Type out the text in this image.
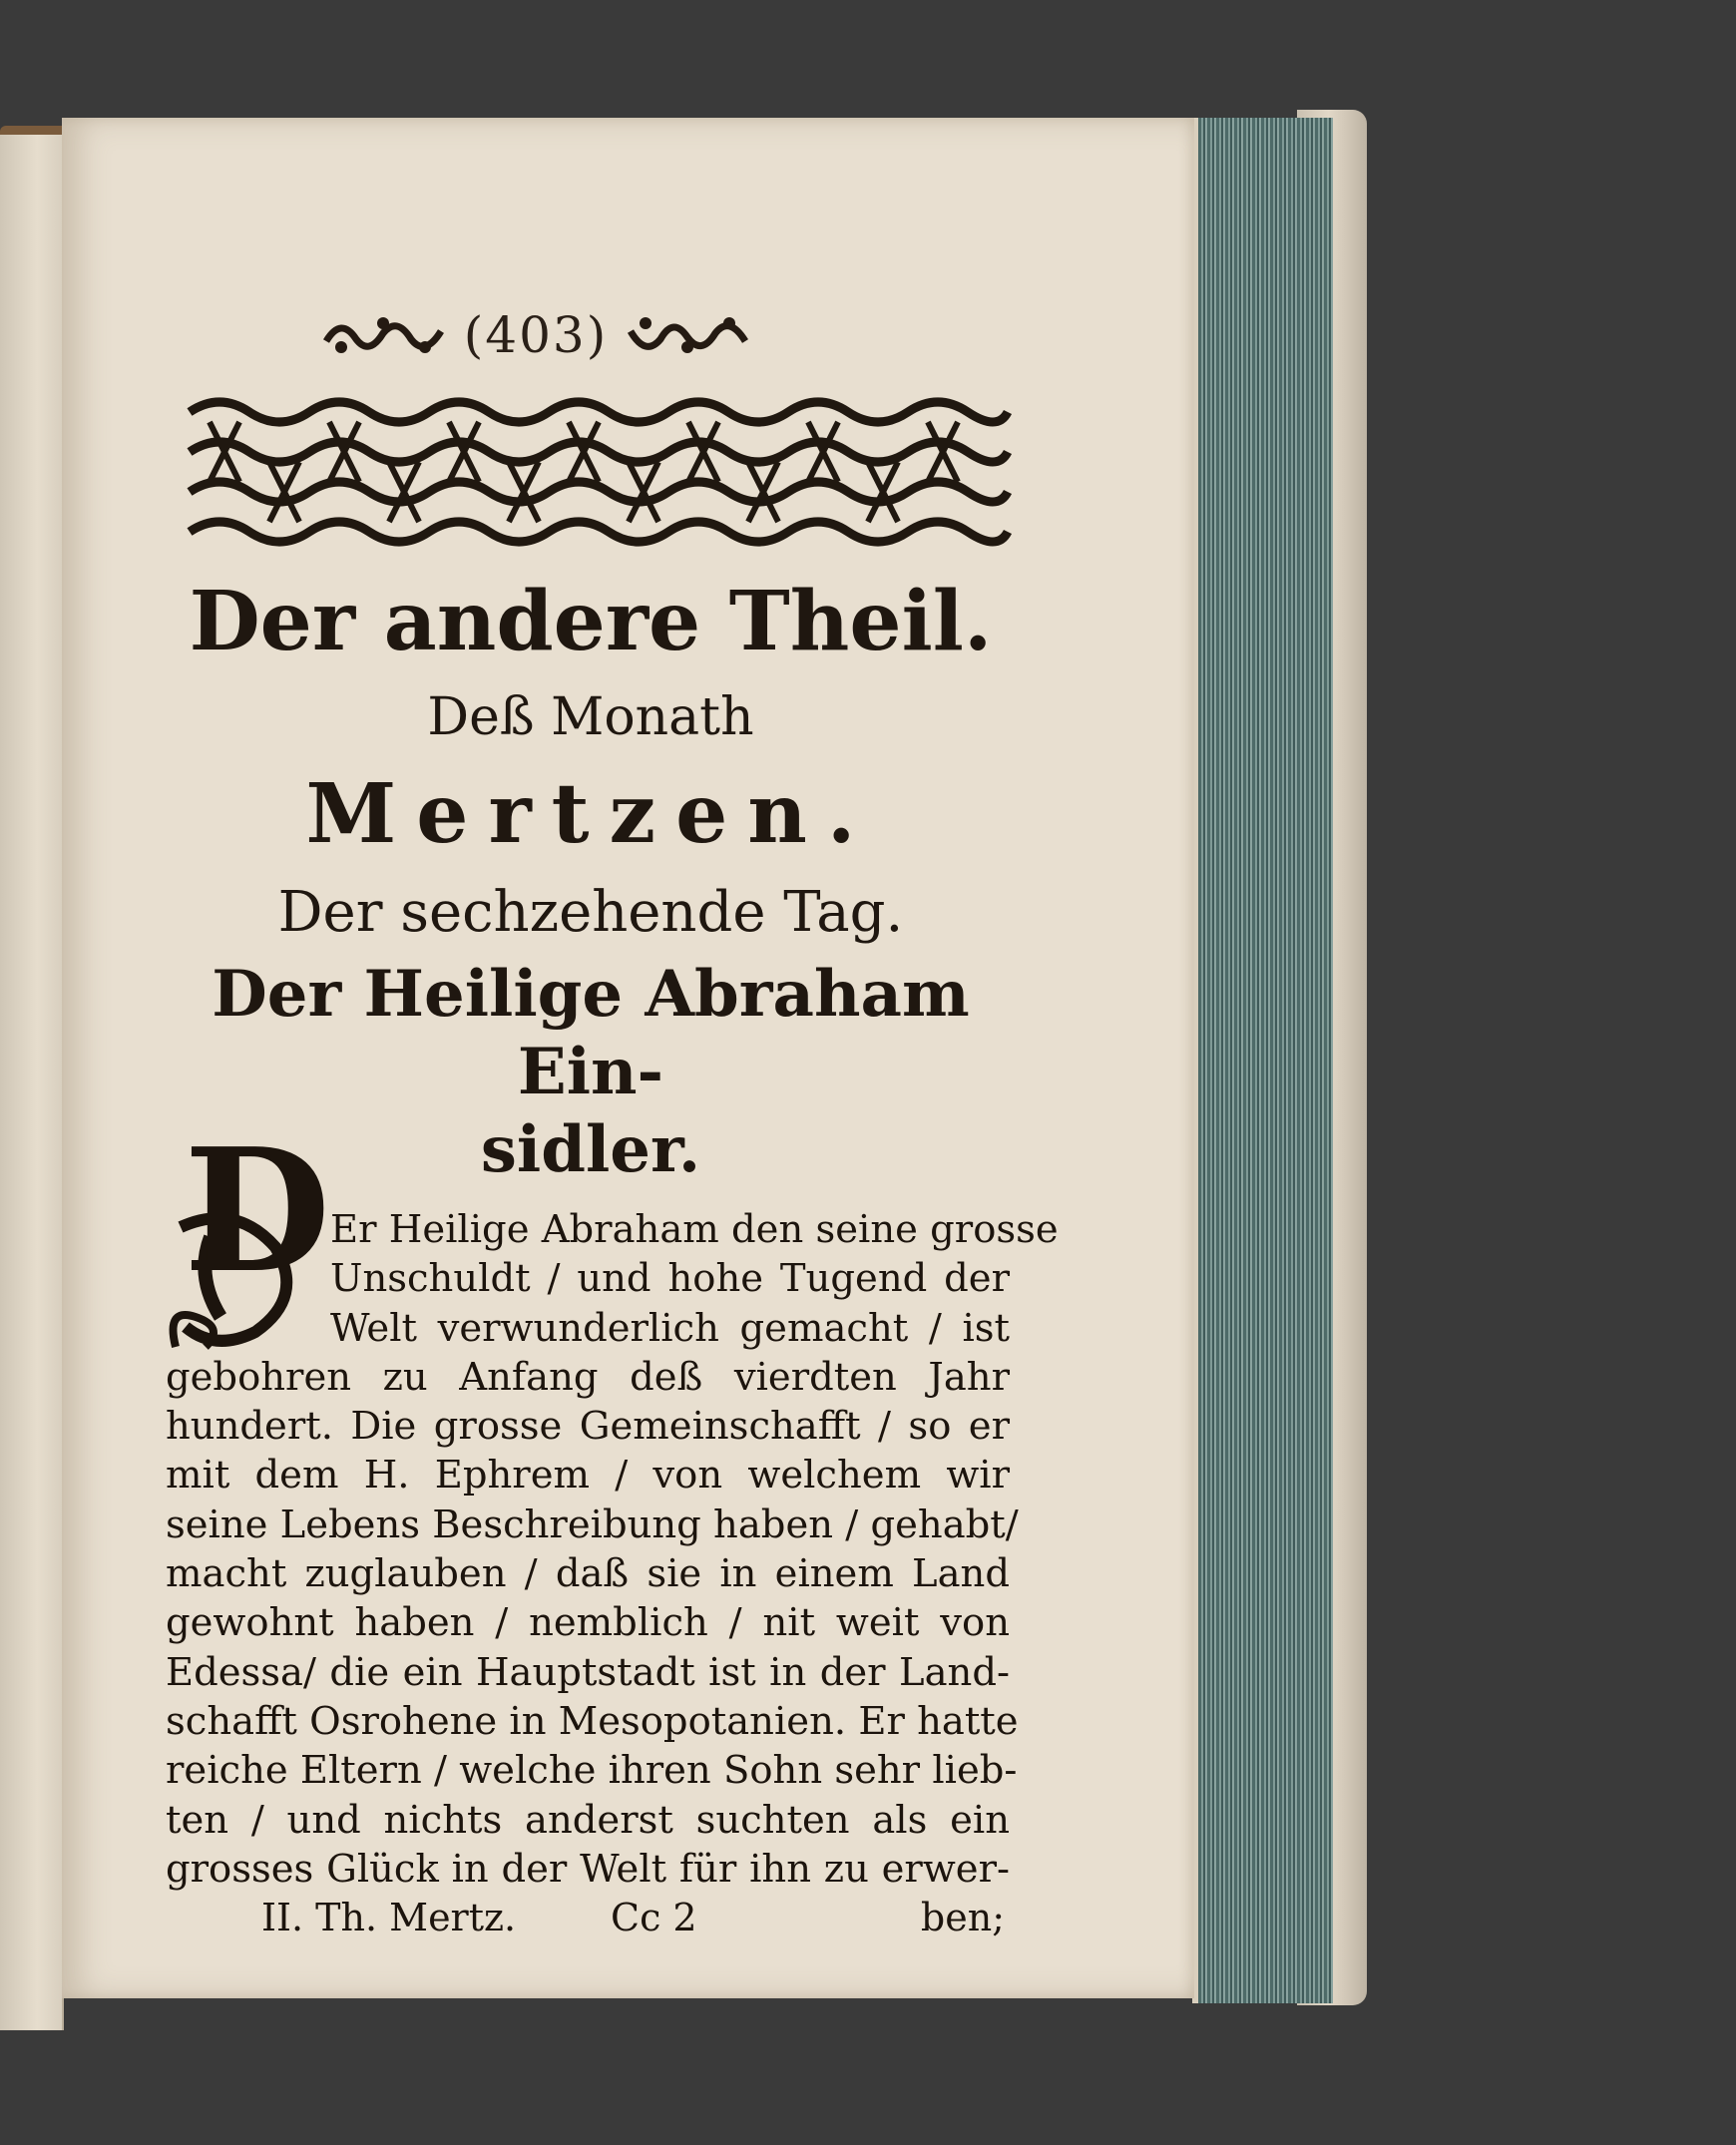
(403)

Der andere Theil.

Deß Monath

Mertzen.

Der sechzehende Tag.

Der Heilige Abraham Ein-

sidler.

D Er Heilige Abraham den seine grosse
Unschuldt / und hohe Tugend der
Welt verwunderlich gemacht / ist
gebohren zu Anfang deß vierdten Jahr
hundert. Die grosse Gemeinschafft / so er
mit dem H. Ephrem / von welchem wir
seine Lebens Beschreibung haben / gehabt/
macht zuglauben / daß sie in einem Land
gewohnt haben / nemblich / nit weit von
Edessa/ die ein Hauptstadt ist in der Land-
schafft Osrohene in Mesopotanien. Er hatte
reiche Eltern / welche ihren Sohn sehr lieb-
ten / und nichts anderst suchten als ein
grosses Glück in der Welt für ihn zu erwer-
II. Th. Mertz. Cc 2	ben;
